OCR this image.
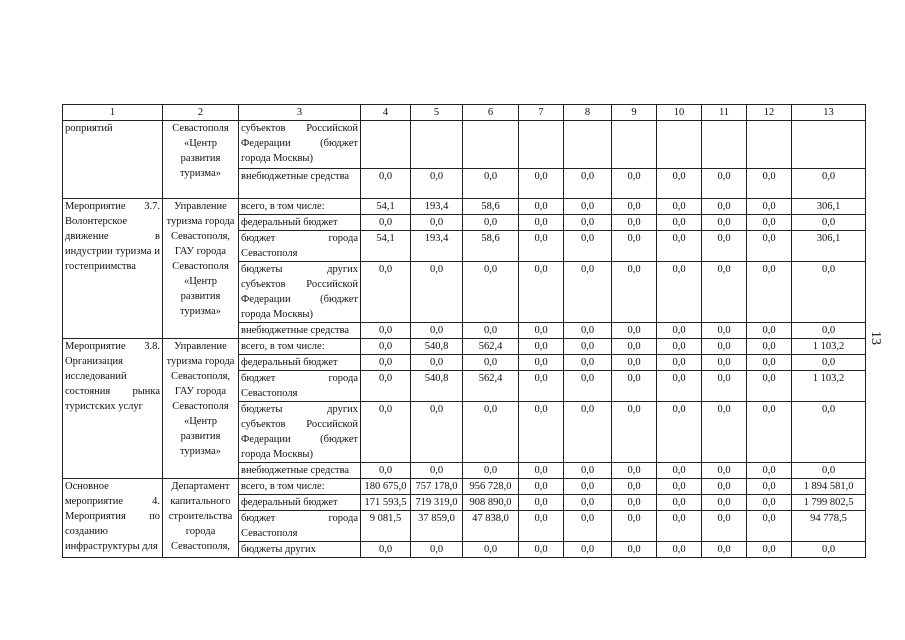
1	2	3	4	5	6	7	8	9	10	11	12	13
роприятий	Севастополя «Центр развития туризма»	субъектов Российской Федерации (бюджет города Москвы)										
		внебюджетные средства	0,0	0,0	0,0	0,0	0,0	0,0	0,0	0,0	0,0	0,0
Мероприятие 3.7. Волонтерское движение в индустрии туризма и гостеприимства	Управление туризма города Севастополя, ГАУ города Севастополя «Центр развития туризма»	всего, в том числе:	54,1	193,4	58,6	0,0	0,0	0,0	0,0	0,0	0,0	306,1
		федеральный бюджет	0,0	0,0	0,0	0,0	0,0	0,0	0,0	0,0	0,0	0,0
		бюджет города Севастополя	54,1	193,4	58,6	0,0	0,0	0,0	0,0	0,0	0,0	306,1
		бюджеты других субъектов Российской Федерации (бюджет города Москвы)	0,0	0,0	0,0	0,0	0,0	0,0	0,0	0,0	0,0	0,0
		внебюджетные средства	0,0	0,0	0,0	0,0	0,0	0,0	0,0	0,0	0,0	0,0
Мероприятие 3.8. Организация исследований состояния рынка туристских услуг	Управление туризма города Севастополя, ГАУ города Севастополя «Центр развития туризма»	всего, в том числе:	0,0	540,8	562,4	0,0	0,0	0,0	0,0	0,0	0,0	1 103,2
		федеральный бюджет	0,0	0,0	0,0	0,0	0,0	0,0	0,0	0,0	0,0	0,0
		бюджет города Севастополя	0,0	540,8	562,4	0,0	0,0	0,0	0,0	0,0	0,0	1 103,2
		бюджеты других субъектов Российской Федерации (бюджет города Москвы)	0,0	0,0	0,0	0,0	0,0	0,0	0,0	0,0	0,0	0,0
		внебюджетные средства	0,0	0,0	0,0	0,0	0,0	0,0	0,0	0,0	0,0	0,0
Основное мероприятие 4. Мероприятия по созданию инфраструктуры для	Департамент капитального строительства города Севастополя,	всего, в том числе:	180 675,0	757 178,0	956 728,0	0,0	0,0	0,0	0,0	0,0	0,0	1 894 581,0
		федеральный бюджет	171 593,5	719 319,0	908 890,0	0,0	0,0	0,0	0,0	0,0	0,0	1 799 802,5
		бюджет города Севастополя	9 081,5	37 859,0	47 838,0	0,0	0,0	0,0	0,0	0,0	0,0	94 778,5
		бюджеты других	0,0	0,0	0,0	0,0	0,0	0,0	0,0	0,0	0,0	0,0
13
